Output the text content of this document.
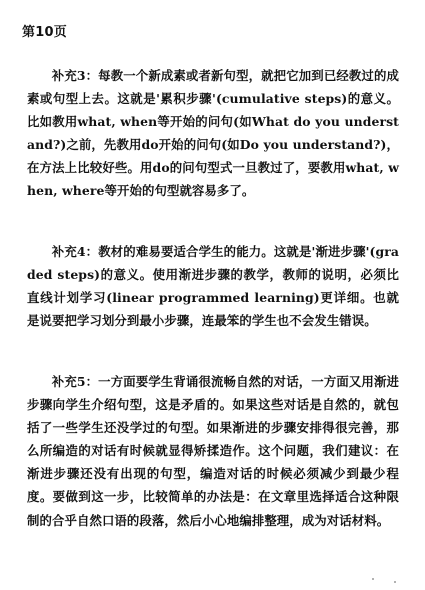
第10页

补充3：每教一个新成素或者新句型，就把它加到已经教过的成素或句型上去。这就是'累积步骤'(cumulative steps)的意义。比如教用what, when等开始的问句(如What do you understand?)之前，先教用do开始的问句(如Do you understand?)，在方法上比较好些。用do的问句型式一旦教过了，要教用what, when, where等开始的句型就容易多了。

补充4：教材的难易要适合学生的能力。这就是'渐进步骤'(graded steps)的意义。使用渐进步骤的教学，教师的说明，必须比直线计划学习(linear programmed learning)更详细。也就是说要把学习划分到最小步骤，连最笨的学生也不会发生错误。

补充5：一方面要学生背诵很流畅自然的对话，一方面又用渐进步骤向学生介绍句型，这是矛盾的。如果这些对话是自然的，就包括了一些学生还没学过的句型。如果渐进的步骤安排得很完善，那么所编造的对话有时候就显得矫揉造作。这个问题，我们建议：在渐进步骤还没有出现的句型，编造对话的时候必须减少到最少程度。要做到这一步，比较简单的办法是：在文章里选择适合这种限制的合乎自然口语的段落，然后小心地编排整理，成为对话材料。
